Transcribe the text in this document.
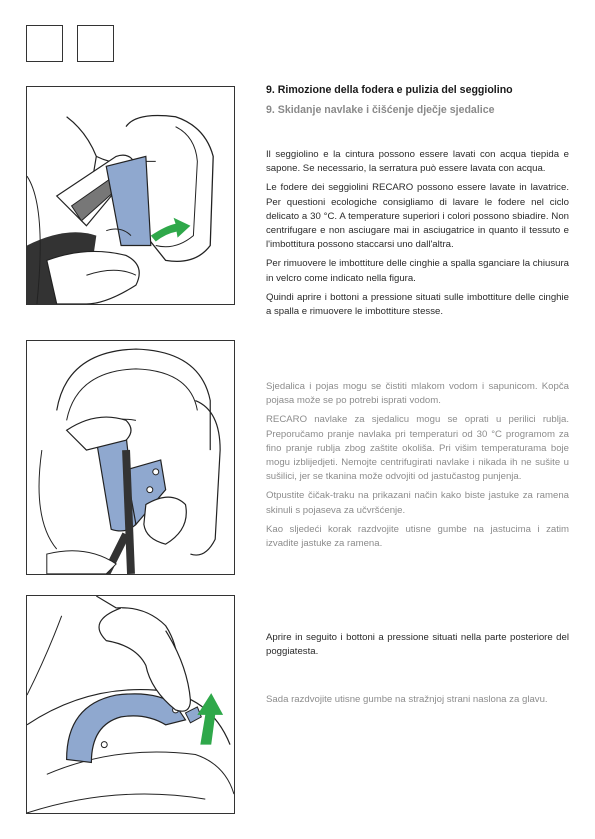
9. Rimozione della fodera e pulizia del seggiolino
9. Skidanje navlake i čišćenje dječje sjedalice

Il seggiolino e la cintura possono essere lavati con acqua tiepida e sapone. Se necessario, la serratura può essere lavata con acqua.

Le fodere dei seggiolini RECARO possono essere lavate in lavatrice. Per questioni ecologiche consigliamo di lavare le fodere nel ciclo delicato a 30 °C. A temperature superiori i colori possono sbiadire. Non centrifugare e non asciugare mai in asciugatrice in quanto il tessuto e l'imbottitura possono staccarsi uno dall'altra.

Per rimuovere le imbottiture delle cinghie a spalla sganciare la chiusura in velcro come indicato nella figura.

Quindi aprire i bottoni a pressione situati sulle imbottiture delle cinghie a spalla e rimuovere le imbottiture stesse.

Sjedalica i pojas mogu se čistiti mlakom vodom i sapunicom. Kopča pojasa može se po potrebi isprati vodom.

RECARO navlake za sjedalicu mogu se oprati u perilici rublja. Preporučamo pranje navlaka pri temperaturi od 30 °C programom za fino pranje rublja zbog zaštite okoliša. Pri višim temperaturama boje mogu izblijedjeti. Nemojte centrifugirati navlake i nikada ih ne sušite u sušilici, jer se tkanina može odvojiti od jastučastog punjenja.

Otpustite čičak-traku na prikazani način kako biste jastuke za ramena skinuli s pojaseva za učvršćenje.

Kao sljedeći korak razdvojite utisne gumbe na jastucima i zatim izvadite jastuke za ramena.

Aprire in seguito i bottoni a pressione situati nella parte posteriore del poggiatesta.

Sada razdvojite utisne gumbe na stražnjoj strani naslona za glavu.
